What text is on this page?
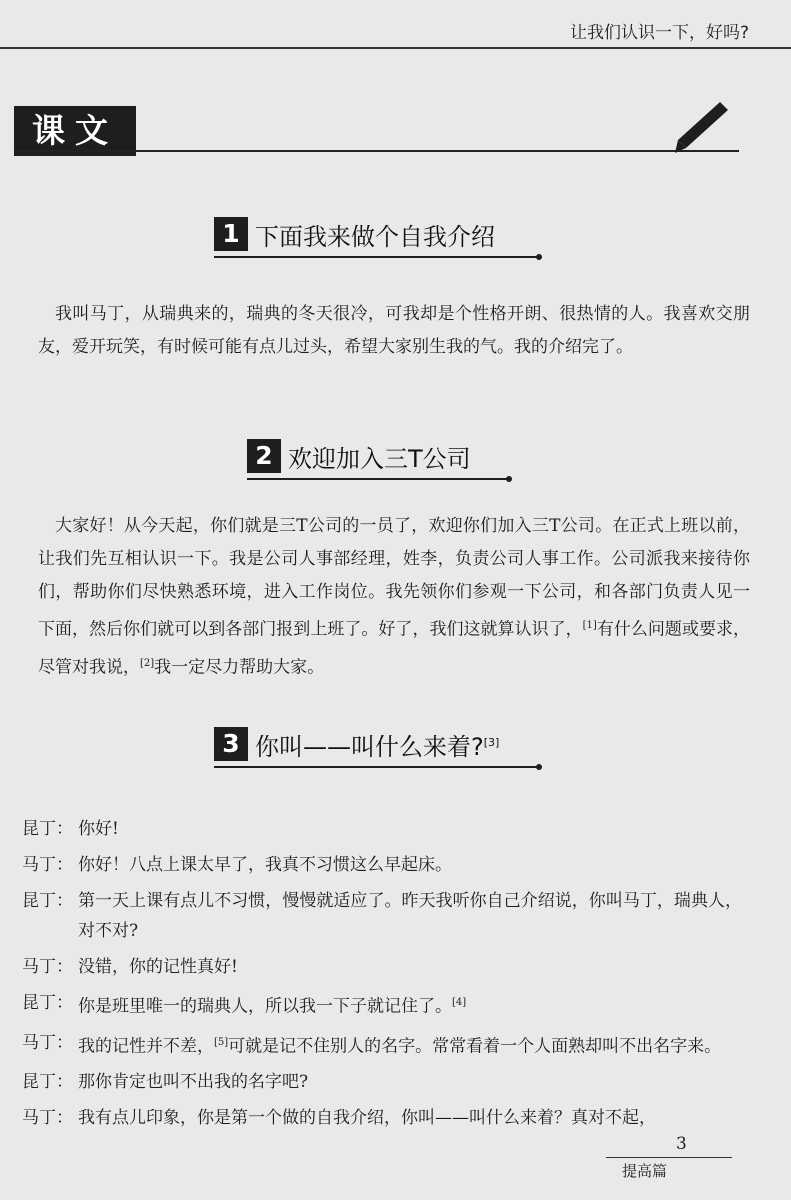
让我们认识一下，好吗?
课文
1 下面我来做个自我介绍
我叫马丁，从瑞典来的，瑞典的冬天很冷，可我却是个性格开朗、很热情的人。我喜欢交朋友，爱开玩笑，有时候可能有点儿过头，希望大家别生我的气。我的介绍完了。
2 欢迎加入三T公司
大家好！从今天起，你们就是三T公司的一员了，欢迎你们加入三T公司。在正式上班以前，让我们先互相认识一下。我是公司人事部经理，姓李，负责公司人事工作。公司派我来接待你们，帮助你们尽快熟悉环境，进入工作岗位。我先领你们参观一下公司，和各部门负责人见一下面，然后你们就可以到各部门报到上班了。好了，我们这就算认识了，[1]有什么问题或要求，尽管对我说，[2]我一定尽力帮助大家。
3 你叫——叫什么来着?[3]
昆丁： 你好!
马丁： 你好！八点上课太早了，我真不习惯这么早起床。
昆丁： 第一天上课有点儿不习惯，慢慢就适应了。昨天我听你自己介绍说，你叫马丁，瑞典人，对不对?
马丁： 没错，你的记性真好!
昆丁： 你是班里唯一的瑞典人，所以我一下子就记住了。[4]
马丁： 我的记性并不差，[5]可就是记不住别人的名字。常常看着一个人面熟却叫不出名字来。
昆丁： 那你肯定也叫不出我的名字吧?
马丁： 我有点儿印象，你是第一个做的自我介绍，你叫——叫什么来着？真对不起，
3
提高篇
